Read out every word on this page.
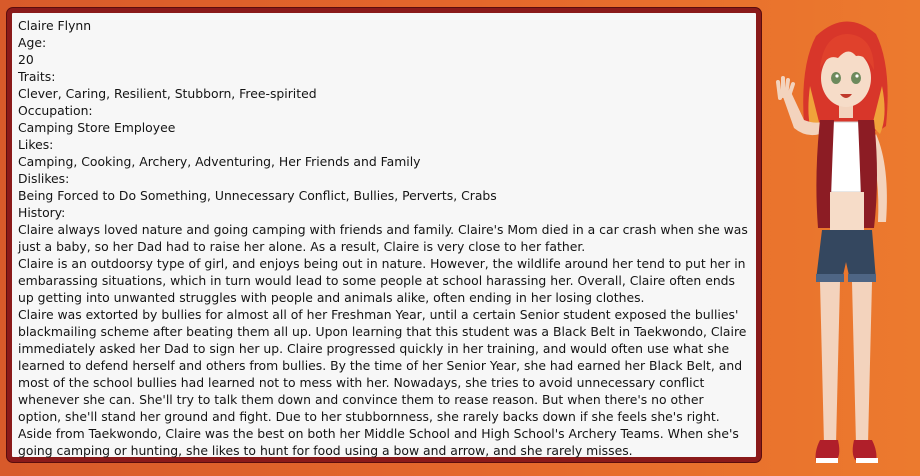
Claire Flynn
Age:
20
Traits:
Clever, Caring, Resilient, Stubborn, Free-spirited
Occupation:
Camping Store Employee
Likes:
Camping, Cooking, Archery, Adventuring, Her Friends and Family
Dislikes:
Being Forced to Do Something, Unnecessary Conflict, Bullies, Perverts, Crabs
History:
Claire always loved nature and going camping with friends and family. Claire's Mom died in a car crash when she was just a baby, so her Dad had to raise her alone. As a result, Claire is very close to her father.
Claire is an outdoorsy type of girl, and enjoys being out in nature. However, the wildlife around her tend to put her in embarassing situations, which in turn would lead to some people at school harassing her. Overall, Claire often ends up getting into unwanted struggles with people and animals alike, often ending in her losing clothes.
Claire was extorted by bullies for almost all of her Freshman Year, until a certain Senior student exposed the bullies' blackmailing scheme after beating them all up. Upon learning that this student was a Black Belt in Taekwondo, Claire immediately asked her Dad to sign her up. Claire progressed quickly in her training, and would often use what she learned to defend herself and others from bullies. By the time of her Senior Year, she had earned her Black Belt, and most of the school bullies had learned not to mess with her. Nowadays, she tries to avoid unnecessary conflict whenever she can. She'll try to talk them down and convince them to rease reason. But when there's no other option, she'll stand her ground and fight. Due to her stubbornness, she rarely backs down if she feels she's right.
Aside from Taekwondo, Claire was the best on both her Middle School and High School's Archery Teams. When she's going camping or hunting, she likes to hunt for food using a bow and arrow, and she rarely misses.
